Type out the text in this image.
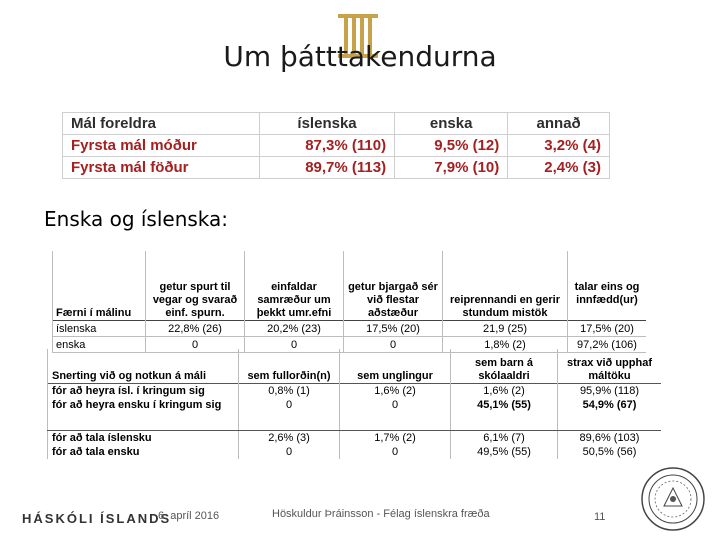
Um þátttakendurna
Mál foreldra	íslenska	enska	annað
Fyrsta mál móður	87,3% (110)	9,5% (12)	3,2% (4)
Fyrsta mál föður	89,7% (113)	7,9% (10)	2,4% (3)
Enska og íslenska:
Færni í málinu	getur spurt til vegar og svarað einf. spurn.	einfaldar samræður um þekkt umr.efni	getur bjargað sér við flestar aðstæður	reiprennandi en gerir stundum mistök	talar eins og innfædd(ur)
íslenska	22,8% (26)	20,2% (23)	17,5% (20)	21,9 (25)	17,5% (20)
enska	0	0	0	1,8% (2)	97,2% (106)
Snerting við og notkun á máli	sem fullorðin(n)	sem unglingur	sem barn á skólaaldri	strax við upphaf máltöku
fór að heyra ísl. í kringum sig	0,8% (1)	1,6% (2)	1,6% (2)	95,9% (118)
fór að heyra ensku í kringum sig	0	0	45,1% (55)	54,9% (67)

fór að tala íslensku	2,6% (3)	1,7% (2)	6,1% (7)	89,6% (103)
fór að tala ensku	0	0	49,5% (55)	50,5% (56)
HÁSKÓLI ÍSLANDS
6. apríl 2016	Höskuldur Þráinsson - Félag íslenskra fræða	11
